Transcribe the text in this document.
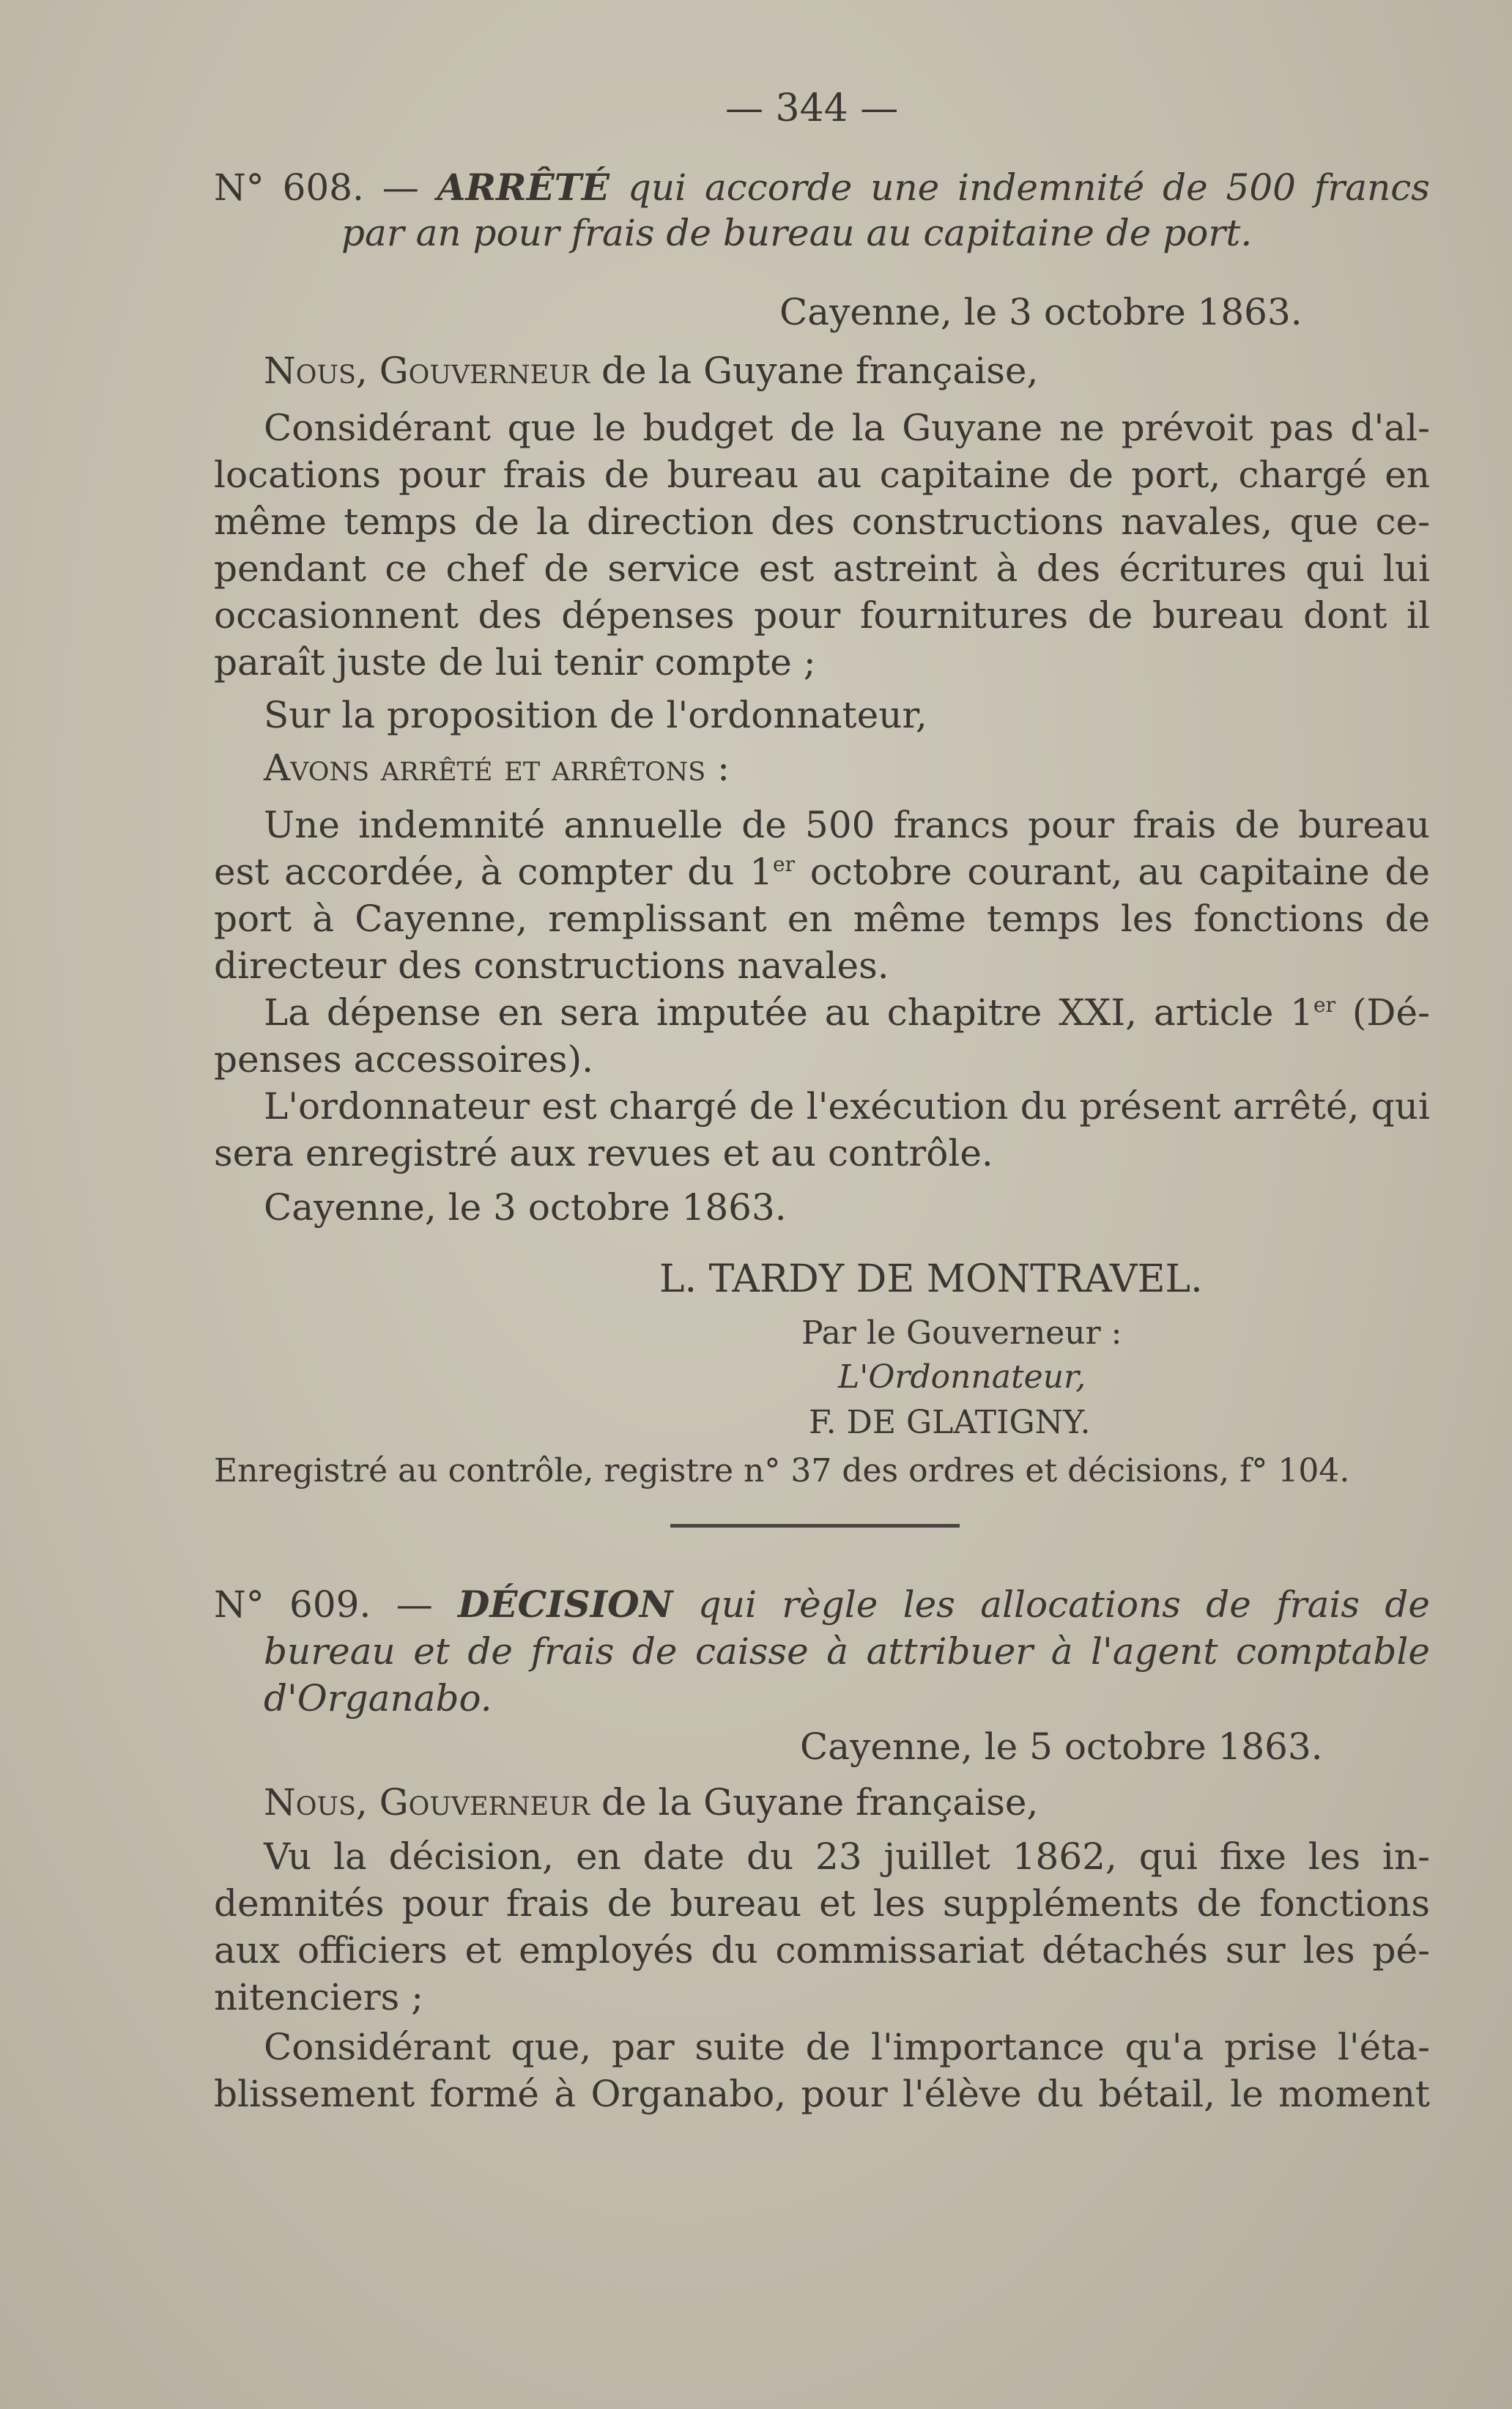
— 344 —
N° 608. — ARRÊTÉ qui accorde une indemnité de 500 francs
par an pour frais de bureau au capitaine de port.
Cayenne, le 3 octobre 1863.
Nous, Gouverneur de la Guyane française,
Considérant que le budget de la Guyane ne prévoit pas d'al-
locations pour frais de bureau au capitaine de port, chargé en
même temps de la direction des constructions navales, que ce-
pendant ce chef de service est astreint à des écritures qui lui
occasionnent des dépenses pour fournitures de bureau dont il
paraît juste de lui tenir compte ;
Sur la proposition de l'ordonnateur,
Avons arrêté et arrêtons :
Une indemnité annuelle de 500 francs pour frais de bureau
est accordée, à compter du 1er octobre courant, au capitaine de
port à Cayenne, remplissant en même temps les fonctions de
directeur des constructions navales.
La dépense en sera imputée au chapitre XXI, article 1er (Dé-
penses accessoires).
L'ordonnateur est chargé de l'exécution du présent arrêté, qui
sera enregistré aux revues et au contrôle.
Cayenne, le 3 octobre 1863.
L. TARDY DE MONTRAVEL.
Par le Gouverneur :
L'Ordonnateur,
F. DE GLATIGNY.
Enregistré au contrôle, registre n° 37 des ordres et décisions, f° 104.
N° 609. — DÉCISION qui règle les allocations de frais de
bureau et de frais de caisse à attribuer à l'agent comptable
d'Organabo.
Cayenne, le 5 octobre 1863.
Nous, Gouverneur de la Guyane française,
Vu la décision, en date du 23 juillet 1862, qui fixe les in-
demnités pour frais de bureau et les suppléments de fonctions
aux officiers et employés du commissariat détachés sur les pé-
nitenciers ;
Considérant que, par suite de l'importance qu'a prise l'éta-
blissement formé à Organabo, pour l'élève du bétail, le moment
